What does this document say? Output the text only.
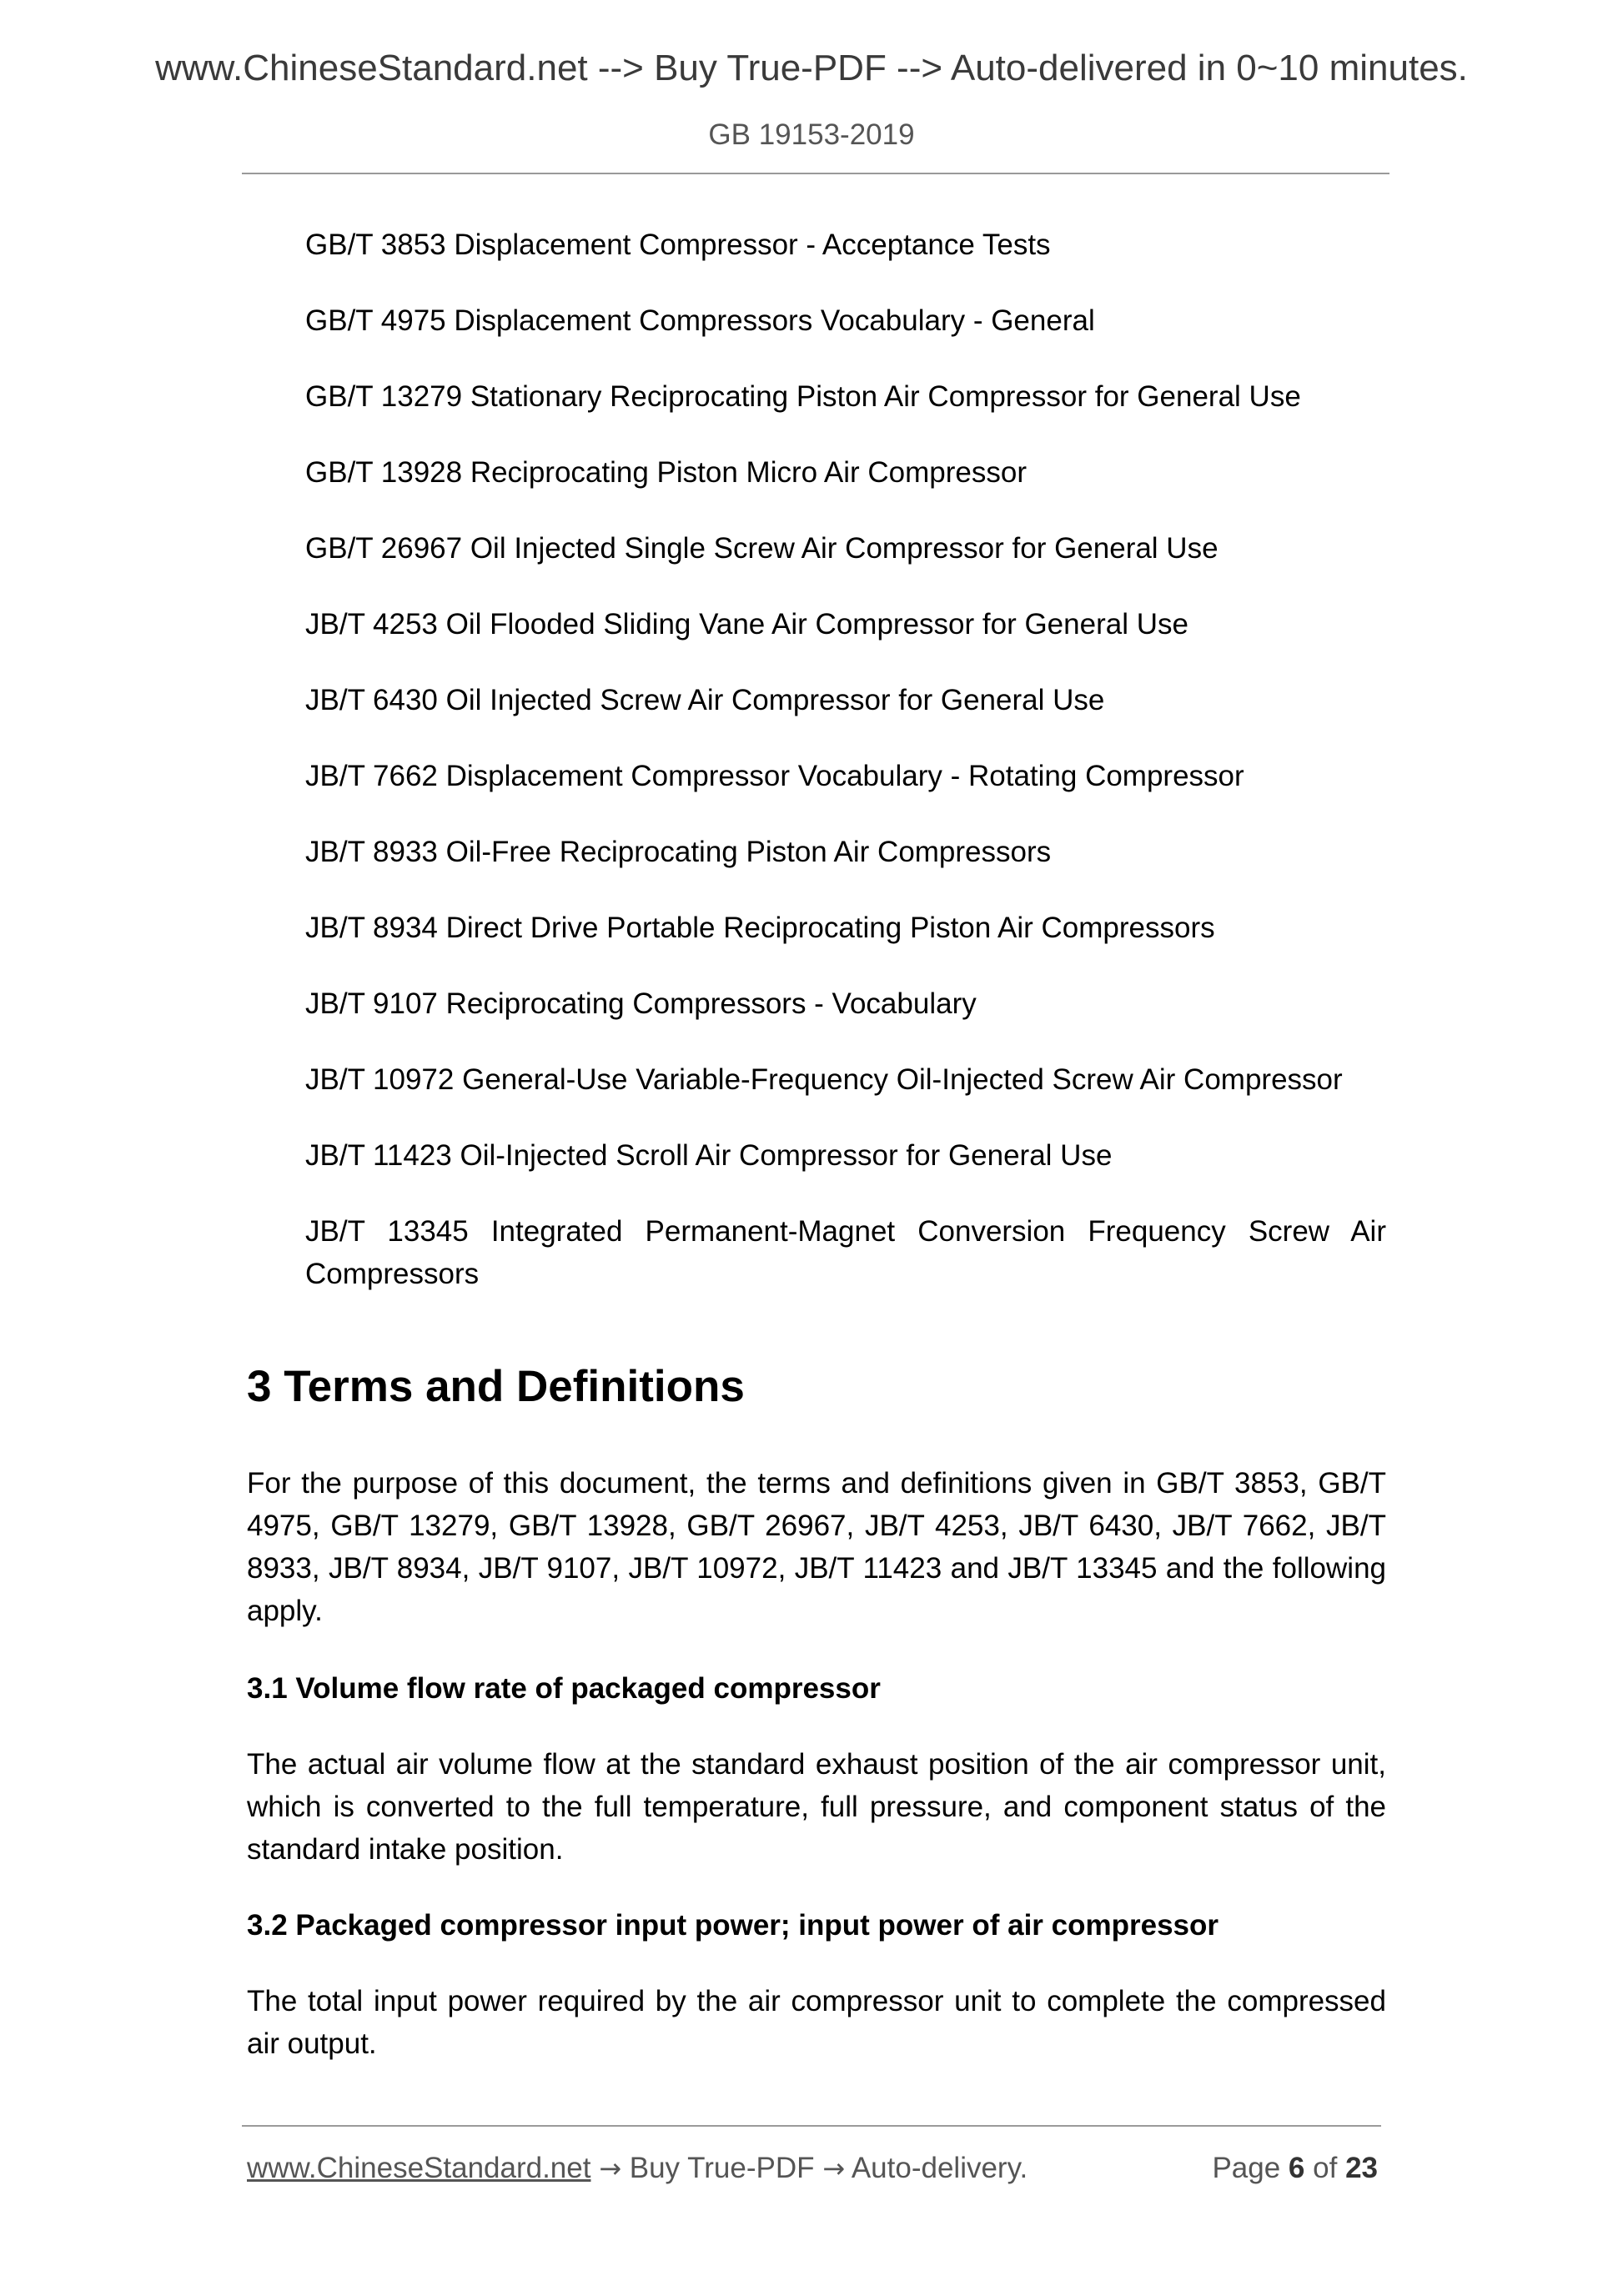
www.ChineseStandard.net --> Buy True-PDF --> Auto-delivered in 0~10 minutes.
GB 19153-2019
GB/T 3853 Displacement Compressor - Acceptance Tests
GB/T 4975 Displacement Compressors Vocabulary - General
GB/T 13279 Stationary Reciprocating Piston Air Compressor for General Use
GB/T 13928 Reciprocating Piston Micro Air Compressor
GB/T 26967 Oil Injected Single Screw Air Compressor for General Use
JB/T 4253 Oil Flooded Sliding Vane Air Compressor for General Use
JB/T 6430 Oil Injected Screw Air Compressor for General Use
JB/T 7662 Displacement Compressor Vocabulary - Rotating Compressor
JB/T 8933 Oil-Free Reciprocating Piston Air Compressors
JB/T 8934 Direct Drive Portable Reciprocating Piston Air Compressors
JB/T 9107 Reciprocating Compressors - Vocabulary
JB/T 10972 General-Use Variable-Frequency Oil-Injected Screw Air Compressor
JB/T 11423 Oil-Injected Scroll Air Compressor for General Use
JB/T 13345 Integrated Permanent-Magnet Conversion Frequency Screw Air Compressors
3 Terms and Definitions

For the purpose of this document, the terms and definitions given in GB/T 3853, GB/T 4975, GB/T 13279, GB/T 13928, GB/T 26967, JB/T 4253, JB/T 6430, JB/T 7662, JB/T 8933, JB/T 8934, JB/T 9107, JB/T 10972, JB/T 11423 and JB/T 13345 and the following apply.

3.1 Volume flow rate of packaged compressor

The actual air volume flow at the standard exhaust position of the air compressor unit, which is converted to the full temperature, full pressure, and component status of the standard intake position.

3.2 Packaged compressor input power; input power of air compressor

The total input power required by the air compressor unit to complete the compressed air output.

www.ChineseStandard.net → Buy True-PDF → Auto-delivery.	Page 6 of 23
